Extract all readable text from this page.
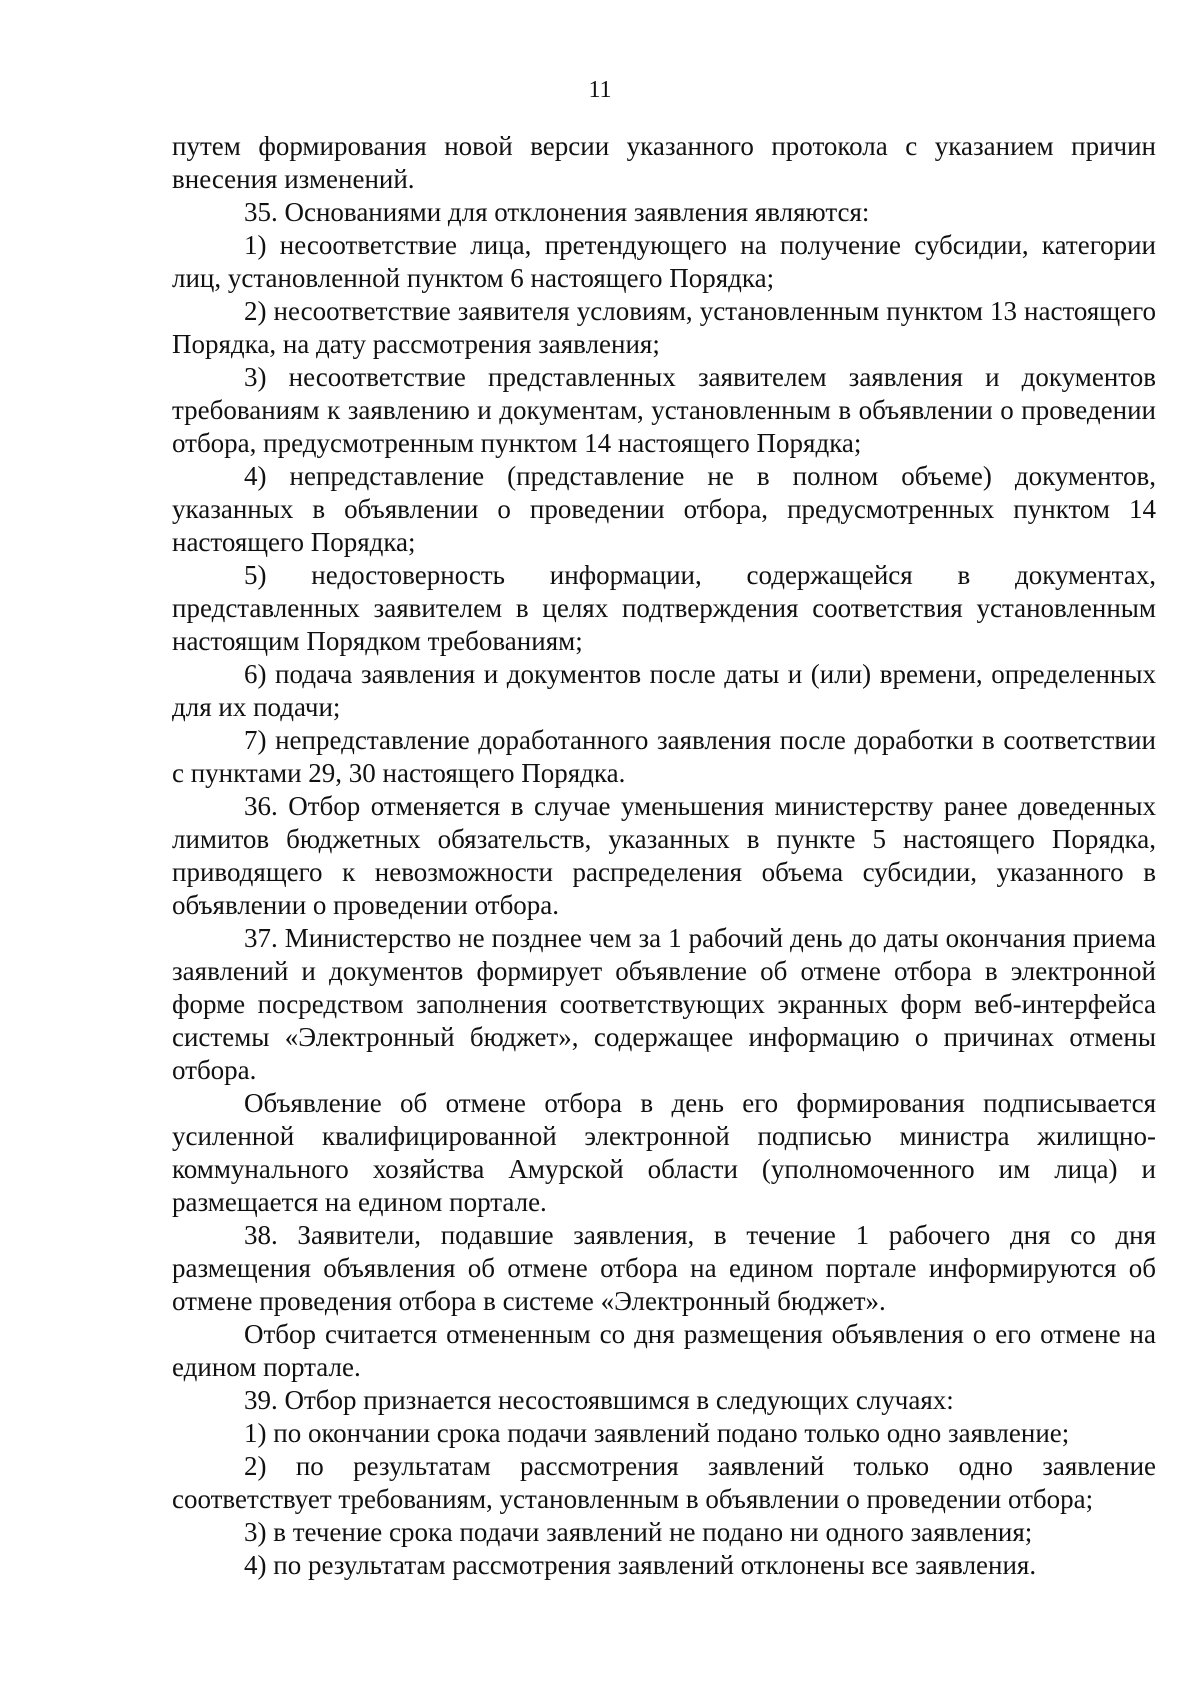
11

путем формирования новой версии указанного протокола с указанием причин внесения изменений.

35. Основаниями для отклонения заявления являются:

1) несоответствие лица, претендующего на получение субсидии, категории лиц, установленной пунктом 6 настоящего Порядка;

2) несоответствие заявителя условиям, установленным пунктом 13 настоящего Порядка, на дату рассмотрения заявления;

3) несоответствие представленных заявителем заявления и документов требованиям к заявлению и документам, установленным в объявлении о проведении отбора, предусмотренным пунктом 14 настоящего Порядка;

4) непредставление (представление не в полном объеме) документов, указанных в объявлении о проведении отбора, предусмотренных пунктом 14 настоящего Порядка;

5) недостоверность информации, содержащейся в документах, представленных заявителем в целях подтверждения соответствия установленным настоящим Порядком требованиям;

6) подача заявления и документов после даты и (или) времени, определенных для их подачи;

7) непредставление доработанного заявления после доработки в соответствии с пунктами 29, 30 настоящего Порядка.

36. Отбор отменяется в случае уменьшения министерству ранее доведенных лимитов бюджетных обязательств, указанных в пункте 5 настоящего Порядка, приводящего к невозможности распределения объема субсидии, указанного в объявлении о проведении отбора.

37. Министерство не позднее чем за 1 рабочий день до даты окончания приема заявлений и документов формирует объявление об отмене отбора в электронной форме посредством заполнения соответствующих экранных форм веб-интерфейса системы «Электронный бюджет», содержащее информацию о причинах отмены отбора.

Объявление об отмене отбора в день его формирования подписывается усиленной квалифицированной электронной подписью министра жилищно-коммунального хозяйства Амурской области (уполномоченного им лица) и размещается на едином портале.

38. Заявители, подавшие заявления, в течение 1 рабочего дня со дня размещения объявления об отмене отбора на едином портале информируются об отмене проведения отбора в системе «Электронный бюджет».

Отбор считается отмененным со дня размещения объявления о его отмене на едином портале.

39. Отбор признается несостоявшимся в следующих случаях:

1) по окончании срока подачи заявлений подано только одно заявление;

2) по результатам рассмотрения заявлений только одно заявление соответствует требованиям, установленным в объявлении о проведении отбора;

3) в течение срока подачи заявлений не подано ни одного заявления;

4) по результатам рассмотрения заявлений отклонены все заявления.
